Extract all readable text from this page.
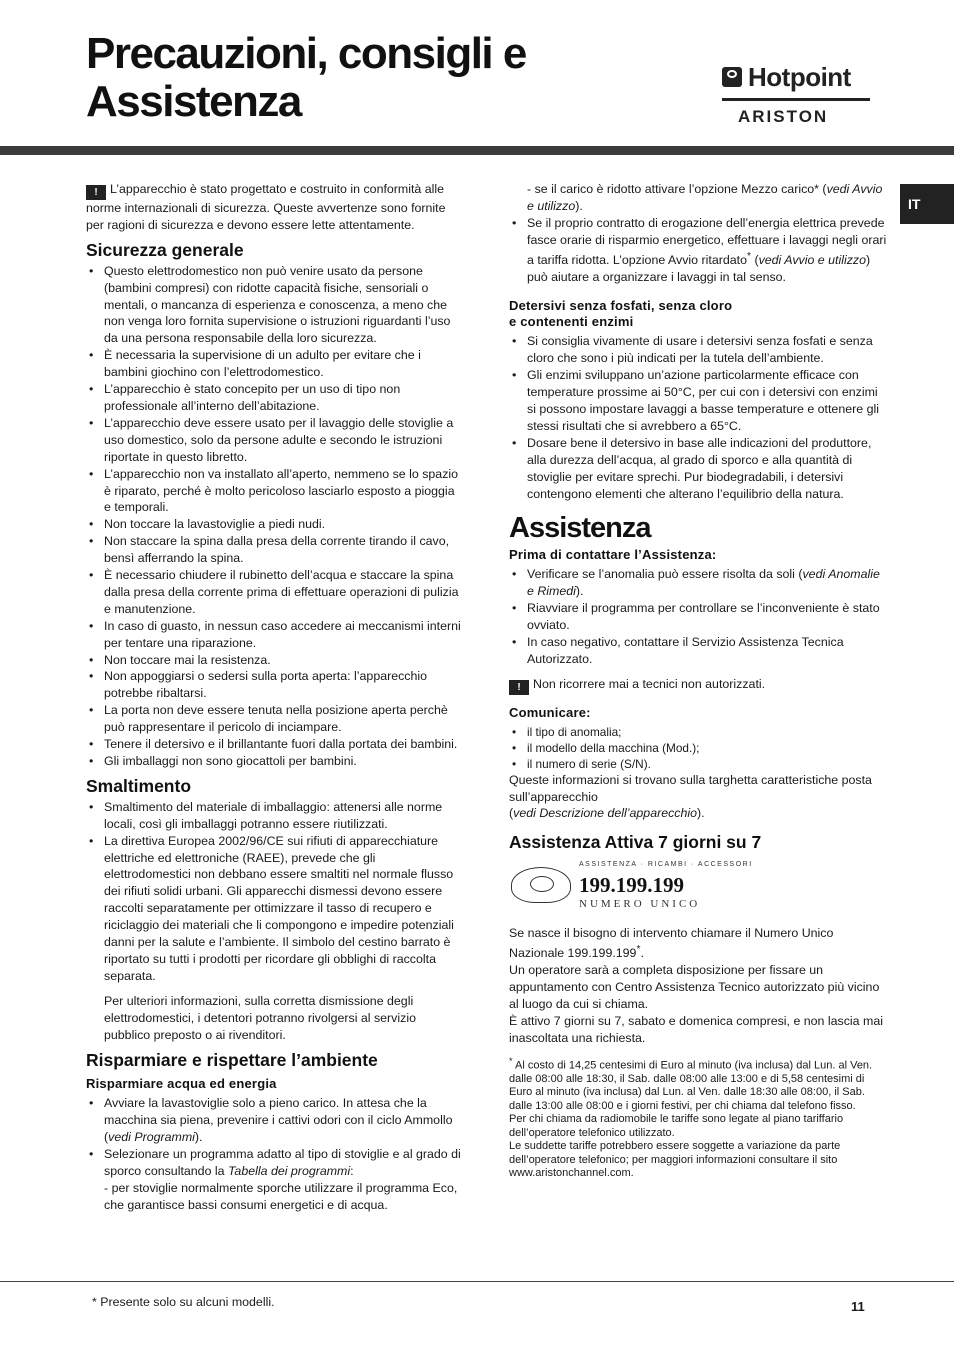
Precauzioni, consigli e
Assistenza
Hotpoint
ARISTON
IT

! L’apparecchio è stato progettato e costruito in conformità alle norme internazionali di sicurezza. Queste avvertenze sono fornite per ragioni di sicurezza e devono essere lette attentamente.

Sicurezza generale
• Questo elettrodomestico non può venire usato da persone (bambini compresi) con ridotte capacità fisiche, sensoriali o mentali, o mancanza di esperienza e conoscenza, a meno che non venga loro fornita supervisione o istruzioni riguardanti l’uso da una persona responsabile della loro sicurezza.
• È necessaria la supervisione di un adulto per evitare che i bambini giochino con l’elettrodomestico.
• L’apparecchio è stato concepito per un uso di tipo non professionale all’interno dell’abitazione.
• L’apparecchio deve essere usato per il lavaggio delle stoviglie a uso domestico, solo da persone adulte e secondo le istruzioni riportate in questo libretto.
• L’apparecchio non va installato all’aperto, nemmeno se lo spazio è riparato, perché è molto pericoloso lasciarlo esposto a pioggia e temporali.
• Non toccare la lavastoviglie a piedi nudi.
• Non staccare la spina dalla presa della corrente tirando il cavo, bensì afferrando la spina.
• È necessario chiudere il rubinetto dell’acqua e staccare la spina dalla presa della corrente prima di effettuare operazioni di pulizia e manutenzione.
• In caso di guasto, in nessun caso accedere ai meccanismi interni per tentare una riparazione.
• Non toccare mai la resistenza.
• Non appoggiarsi o sedersi sulla porta aperta: l’apparecchio potrebbe ribaltarsi.
• La porta non deve essere tenuta nella posizione aperta perchè può rappresentare il pericolo di inciampare.
• Tenere il detersivo e il brillantante fuori dalla portata dei bambini.
• Gli imballaggi non sono giocattoli per bambini.
Smaltimento
• Smaltimento del materiale di imballaggio: attenersi alle norme locali, così gli imballaggi potranno essere riutilizzati.
• La direttiva Europea 2002/96/CE sui rifiuti di apparecchiature elettriche ed elettroniche (RAEE), prevede che gli elettrodomestici non debbano essere smaltiti nel normale flusso dei rifiuti solidi urbani. Gli apparecchi dismessi devono essere raccolti separatamente per ottimizzare il tasso di recupero e riciclaggio dei materiali che li compongono e impedire potenziali danni per la salute e l’ambiente. Il simbolo del cestino barrato è riportato su tutti i prodotti per ricordare gli obblighi di raccolta separata.

Per ulteriori informazioni, sulla corretta dismissione degli elettrodomestici, i detentori potranno rivolgersi al servizio pubblico preposto o ai rivenditori.

Risparmiare e rispettare l’ambiente
Risparmiare acqua ed energia
• Avviare la lavastoviglie solo a pieno carico. In attesa che la macchina sia piena, prevenire i cattivi odori con il ciclo Ammollo (vedi Programmi).
• Selezionare un programma adatto al tipo di stoviglie e al grado di sporco consultando la Tabella dei programmi:
- per stoviglie normalmente sporche utilizzare il programma Eco, che garantisce bassi consumi energetici e di acqua.

- se il carico è ridotto attivare l’opzione Mezzo carico* (vedi Avvio e utilizzo).

• Se il proprio contratto di erogazione dell’energia elettrica prevede fasce orarie di risparmio energetico, effettuare i lavaggi negli orari a tariffa ridotta. L’opzione Avvio ritardato* (vedi Avvio e utilizzo) può aiutare a organizzare i lavaggi in tal senso.
Detersivi senza fosfati, senza cloro
e contenenti enzimi
• Si consiglia vivamente di usare i detersivi senza fosfati e senza cloro che sono i più indicati per la tutela dell’ambiente.
• Gli enzimi sviluppano un’azione particolarmente efficace con temperature prossime ai 50°C, per cui con i detersivi con enzimi si possono impostare lavaggi a basse temperature e ottenere gli stessi risultati che si avrebbero a 65°C.
• Dosare bene il detersivo in base alle indicazioni del produttore, alla durezza dell’acqua, al grado di sporco e alla quantità di stoviglie per evitare sprechi. Pur biodegradabili, i detersivi contengono elementi che alterano l’equilibrio della natura.
Assistenza
Prima di contattare l’Assistenza:
• Verificare se l’anomalia può essere risolta da soli (vedi Anomalie e Rimedi).
• Riavviare il programma per controllare se l’inconveniente è stato ovviato.
• In caso negativo, contattare il Servizio Assistenza Tecnica Autorizzato.

! Non ricorrere mai a tecnici non autorizzati.

Comunicare:
• il tipo di anomalia;
• il modello della macchina (Mod.);
• il numero di serie (S/N).

Queste informazioni si trovano sulla targhetta caratteristiche posta sull’apparecchio
(vedi Descrizione dell’apparecchio).

Assistenza Attiva 7 giorni su 7
ASSISTENZA · RICAMBI · ACCESSORI
199.199.199
NUMERO UNICO

Se nasce il bisogno di intervento chiamare il Numero Unico Nazionale 199.199.199*.

Un operatore sarà a completa disposizione per fissare un appuntamento con Centro Assistenza Tecnico autorizzato più vicino al luogo da cui si chiama.

È attivo 7 giorni su 7, sabato e domenica compresi, e non lascia mai inascoltata una richiesta.

* Al costo di 14,25 centesimi di Euro al minuto (iva inclusa) dal Lun. al Ven. dalle 08:00 alle 18:30, il Sab. dalle 08:00 alle 13:00 e di 5,58 centesimi di Euro al minuto (iva inclusa) dal Lun. al Ven. dalle 18:30 alle 08:00, il Sab. dalle 13:00 alle 08:00 e i giorni festivi, per chi chiama dal telefono fisso.

Per chi chiama da radiomobile le tariffe sono legate al piano tariffario dell’operatore telefonico utilizzato.

Le suddette tariffe potrebbero essere soggette a variazione da parte dell’operatore telefonico; per maggiori informazioni consultare il sito www.aristonchannel.com.

* Presente solo su alcuni modelli.	11
